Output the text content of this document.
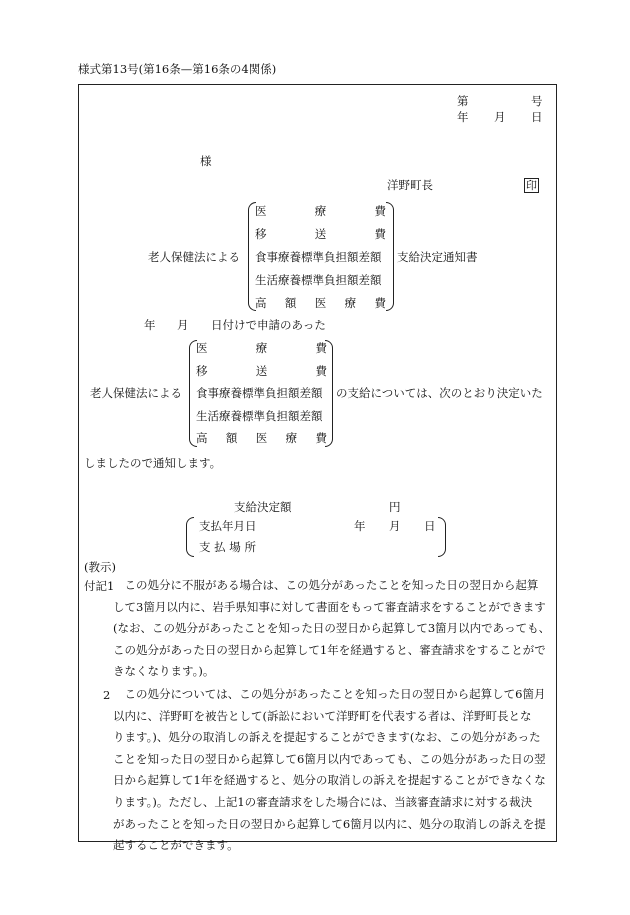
様式第13号(第16条—第16条の4関係)
第	号
年 月 日
様
洋野町長	印
老人保健法による
医	療	費
移	送	費
食事療養標準負担額差額
生活療養標準負担額差額
高 額 医 療 費
支給決定通知書
年 月 日付けで申請のあった
老人保健法による
医	療	費
移	送	費
食事療養標準負担額差額
生活療養標準負担額差額
高 額 医 療 費
の支給については、次のとおり決定いた
しましたので通知します。
支給決定額	円
支払年月日	年 月 日
支 払 場 所
(教示)
付記1 　この処分に不服がある場合は、この処分があったことを知った日の翌日から起算
して3箇月以内に、岩手県知事に対して書面をもって審査請求をすることができます
(なお、この処分があったことを知った日の翌日から起算して3箇月以内であっても、
この処分があった日の翌日から起算して1年を経過すると、審査請求をすることがで
きなくなります。)。
2	　この処分については、この処分があったことを知った日の翌日から起算して6箇月
以内に、洋野町を被告として(訴訟において洋野町を代表する者は、洋野町長とな
ります。)、処分の取消しの訴えを提起することができます(なお、この処分があった
ことを知った日の翌日から起算して6箇月以内であっても、この処分があった日の翌
日から起算して1年を経過すると、処分の取消しの訴えを提起することができなくな
ります。)。ただし、上記1の審査請求をした場合には、当該審査請求に対する裁決
があったことを知った日の翌日から起算して6箇月以内に、処分の取消しの訴えを提
起することができます。
